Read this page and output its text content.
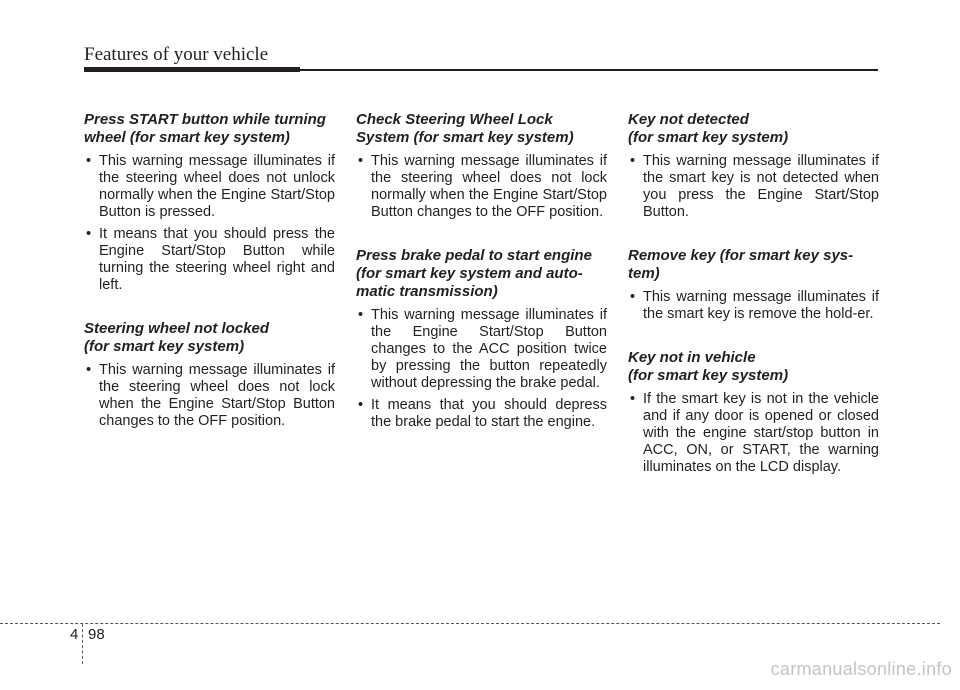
Features of your vehicle
Press START button while turning
wheel (for smart key system)
• This warning message illuminates if the steering wheel does not unlock normally when the Engine Start/Stop Button is pressed.
• It means that you should press the Engine Start/Stop Button while turning the steering wheel right and left.
Steering wheel not locked
(for smart key system)
• This warning message illuminates if the steering wheel does not lock when the Engine Start/Stop Button changes to the OFF position.
Check Steering Wheel Lock
System (for smart key system)
• This warning message illuminates if the steering wheel does not lock normally when the Engine Start/Stop Button changes to the OFF position.
Press brake pedal to start engine
(for smart key system and auto-
matic transmission)
• This warning message illuminates if the Engine Start/Stop Button changes to the ACC position twice by pressing the button repeatedly without depressing the brake pedal.
• It means that you should depress the brake pedal to start the engine.
Key not detected
(for smart key system)
• This warning message illuminates if the smart key is not detected when you press the Engine Start/Stop Button.
Remove key (for smart key sys-
tem)
• This warning message illuminates if the smart key is remove the hold-er.
Key not in vehicle
(for smart key system)
• If the smart key is not in the vehicle and if any door is opened or closed with the engine start/stop button in ACC, ON, or START, the warning illuminates on the LCD display.
4 98
carmanualsonline.info
